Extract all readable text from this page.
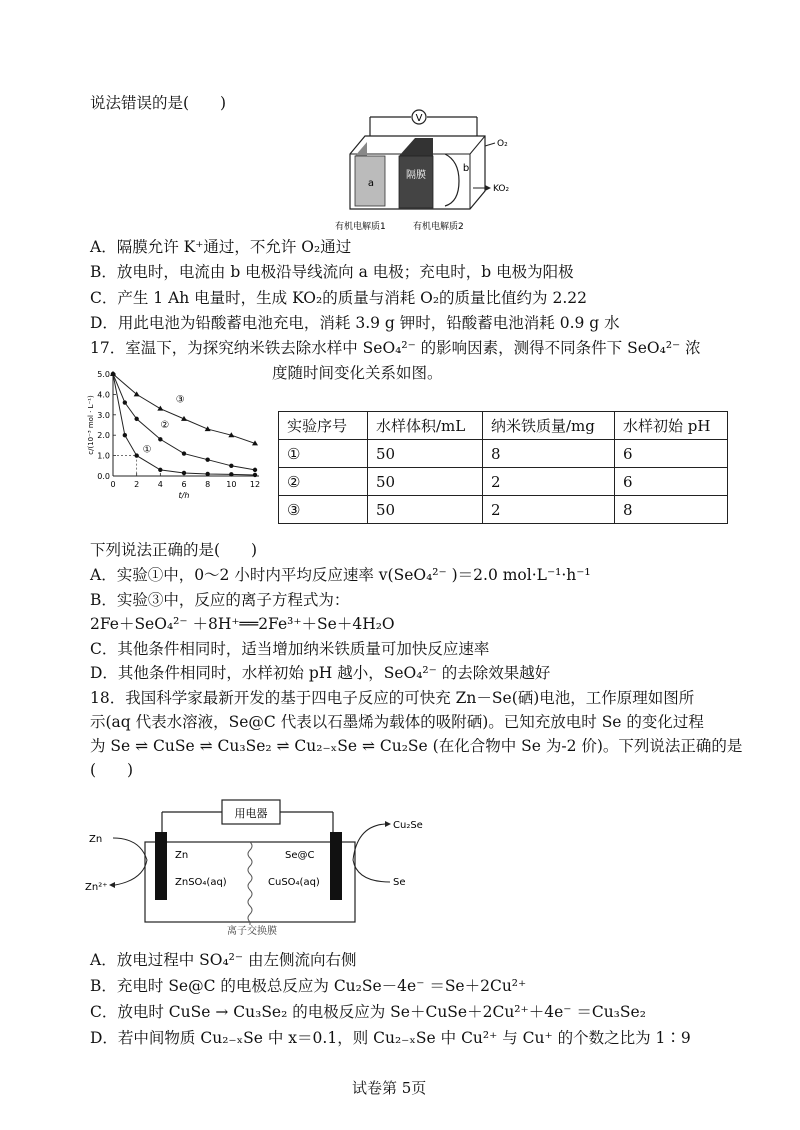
说法错误的是(　　)
V
a
隔膜
b
O₂
KO₂
有机电解质1	有机电解质2
A．隔膜允许 K⁺通过，不允许 O₂通过
B．放电时，电流由 b 电极沿导线流向 a 电极；充电时，b 电极为阳极
C．产生 1 Ah 电量时，生成 KO₂的质量与消耗 O₂的质量比值约为 2.22
D．用此电池为铅酸蓄电池充电，消耗 3.9 g 钾时，铅酸蓄电池消耗 0.9 g 水
17．室温下，为探究纳米铁去除水样中 SeO₄²⁻ 的影响因素，测得不同条件下 SeO₄²⁻ 浓
度随时间变化关系如图。
0 2 4 6 8 10 12
0.0
1.0
2.0
3.0
4.0
5.0
t/h
c/(10⁻³ mol · L⁻¹)	①
②
③
实验序号	水样体积/mL	纳米铁质量/mg	水样初始 pH
①	50	8	6
②	50	2	6
③	50	2	8
下列说法正确的是(　　)
A．实验①中，0～2 小时内平均反应速率 v(SeO₄²⁻ )＝2.0 mol·L⁻¹·h⁻¹
B．实验③中，反应的离子方程式为：
2Fe＋SeO₄²⁻ ＋8H⁺══2Fe³⁺＋Se＋4H₂O
C．其他条件相同时，适当增加纳米铁质量可加快反应速率
D．其他条件相同时，水样初始 pH 越小，SeO₄²⁻ 的去除效果越好
18．我国科学家最新开发的基于四电子反应的可快充 Zn－Se(硒)电池，工作原理如图所
示(aq 代表水溶液，Se@C 代表以石墨烯为载体的吸附硒)。已知充放电时 Se 的变化过程
为 Se ⇌ CuSe ⇌ Cu₃Se₂ ⇌ Cu₂₋ₓSe ⇌ Cu₂Se (在化合物中 Se 为-2 价)。下列说法正确的是
(　　)
用电器
Zn
ZnSO₄(aq)
Se@C
CuSO₄(aq)
离子交换膜
Zn
Zn²⁺
Cu₂Se
Se
A．放电过程中 SO₄²⁻ 由左侧流向右侧
B．充电时 Se@C 的电极总反应为 Cu₂Se－4e⁻ ＝Se＋2Cu²⁺
C．放电时 CuSe → Cu₃Se₂ 的电极反应为 Se＋CuSe＋2Cu²⁺＋4e⁻ ＝Cu₃Se₂
D．若中间物质 Cu₂₋ₓSe 中 x＝0.1，则 Cu₂₋ₓSe 中 Cu²⁺ 与 Cu⁺ 的个数之比为 1∶9
试卷第 5页
